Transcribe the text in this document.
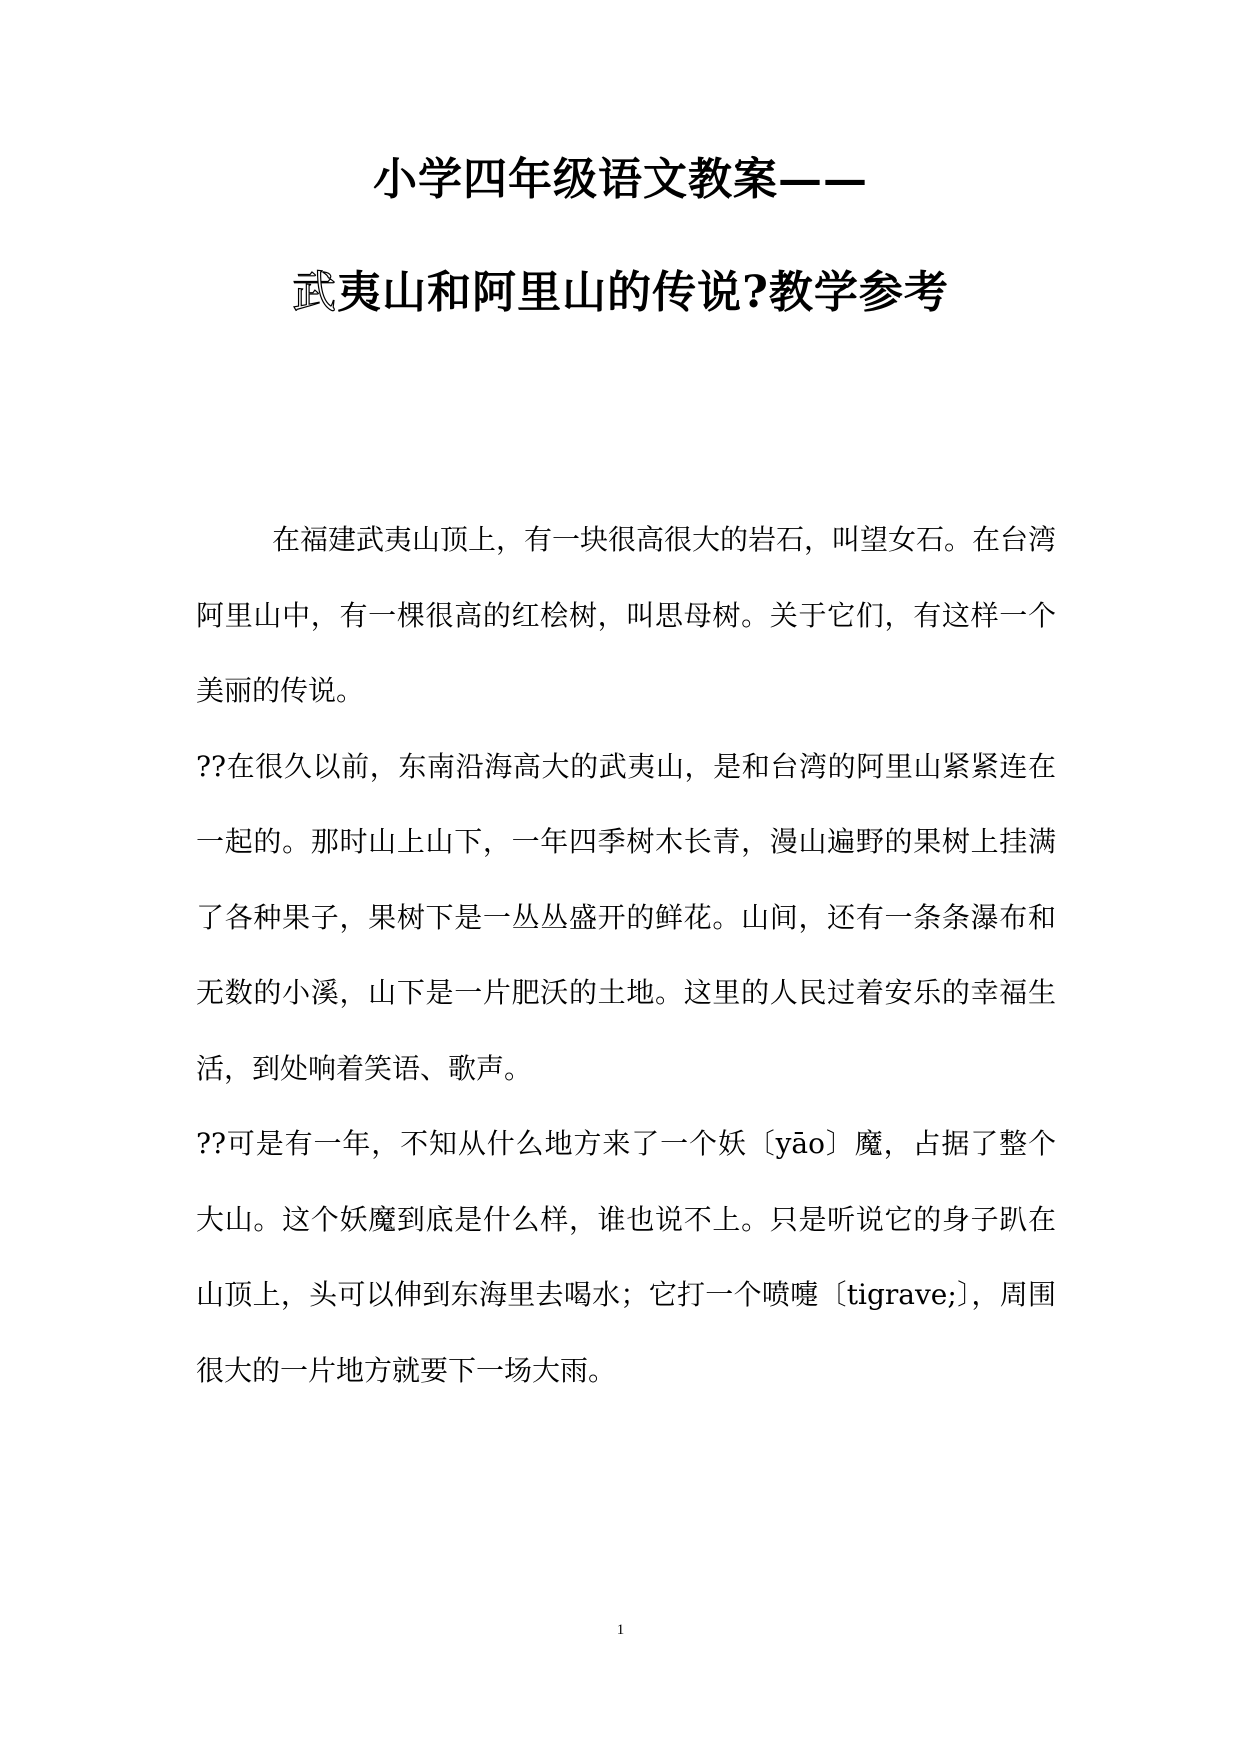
小学四年级语文教案——
武夷山和阿里山的传说?教学参考

在福建武夷山顶上，有一块很高很大的岩石，叫望女石。在台湾阿里山中，有一棵很高的红桧树，叫思母树。关于它们，有这样一个美丽的传说。

??在很久以前，东南沿海高大的武夷山，是和台湾的阿里山紧紧连在一起的。那时山上山下，一年四季树木长青，漫山遍野的果树上挂满了各种果子，果树下是一丛丛盛开的鲜花。山间，还有一条条瀑布和无数的小溪，山下是一片肥沃的土地。这里的人民过着安乐的幸福生活，到处响着笑语、歌声。

??可是有一年，不知从什么地方来了一个妖〔yāo〕魔，占据了整个大山。这个妖魔到底是什么样，谁也说不上。只是听说它的身子趴在山顶上，头可以伸到东海里去喝水；它打一个喷嚏〔tigrave;〕，周围很大的一片地方就要下一场大雨。

1
